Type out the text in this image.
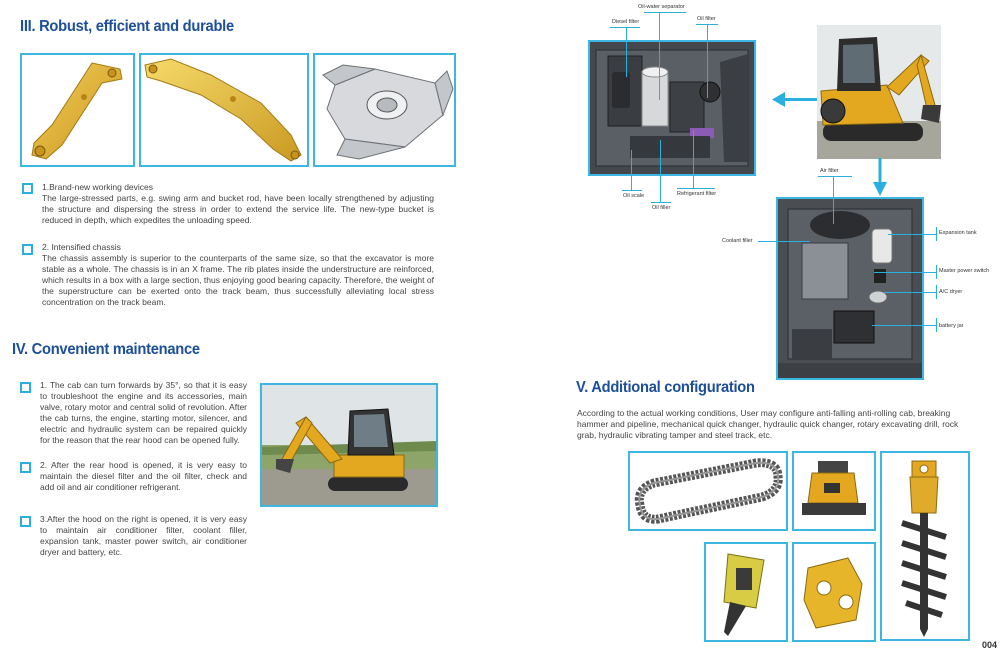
III. Robust, efficient and durable
1.Brand-new working devices
The large-stressed parts, e.g. swing arm and bucket rod, have been locally strengthened by adjusting the structure and dispersing the stress in order to extend the service life. The new-type bucket is reduced in depth, which expedites the unloading speed.
2. Intensified chassis
The chassis assembly is superior to the counterparts of the same size, so that the excavator is more stable as a whole. The chassis is in an X frame. The rib plates inside the understructure are reinforced, which results in a box with a large section, thus enjoying good bearing capacity. Therefore, the weight of the superstructure can be exerted onto the track beam, thus successfully alleviating local stress concentration on the track beam.
IV. Convenient maintenance
1. The cab can turn forwards by 35°, so that it is easy to troubleshoot the engine and its accessories, main valve, rotary motor and central solid of revolution. After the cab turns, the engine, starting motor, silencer, and electric and hydraulic system can be repaired quickly for the reason that the rear hood can be opened fully.
2. After the rear hood is opened, it is very easy to maintain the diesel filter and the oil filter, check and add oil and air conditioner refrigerant.
3.After the hood on the right is opened, it is very easy to maintain air conditioner filter, coolant filler, expansion tank, master power switch, air conditioner dryer and battery, etc.
Oil-water separator
Diesel filter	Oil filter
Oil scale
Oil filler
Refrigerant filter
Air filter
Coolant filler
Expansion tank
Master power switch
A/C dryer
battery jar
V. Additional configuration
According to the actual working conditions, User may configure anti-falling anti-rolling cab, breaking hammer and pipeline, mechanical quick changer, hydraulic quick changer, rotary excavating drill, rock grab, hydraulic vibrating tamper and steel track, etc.
004
